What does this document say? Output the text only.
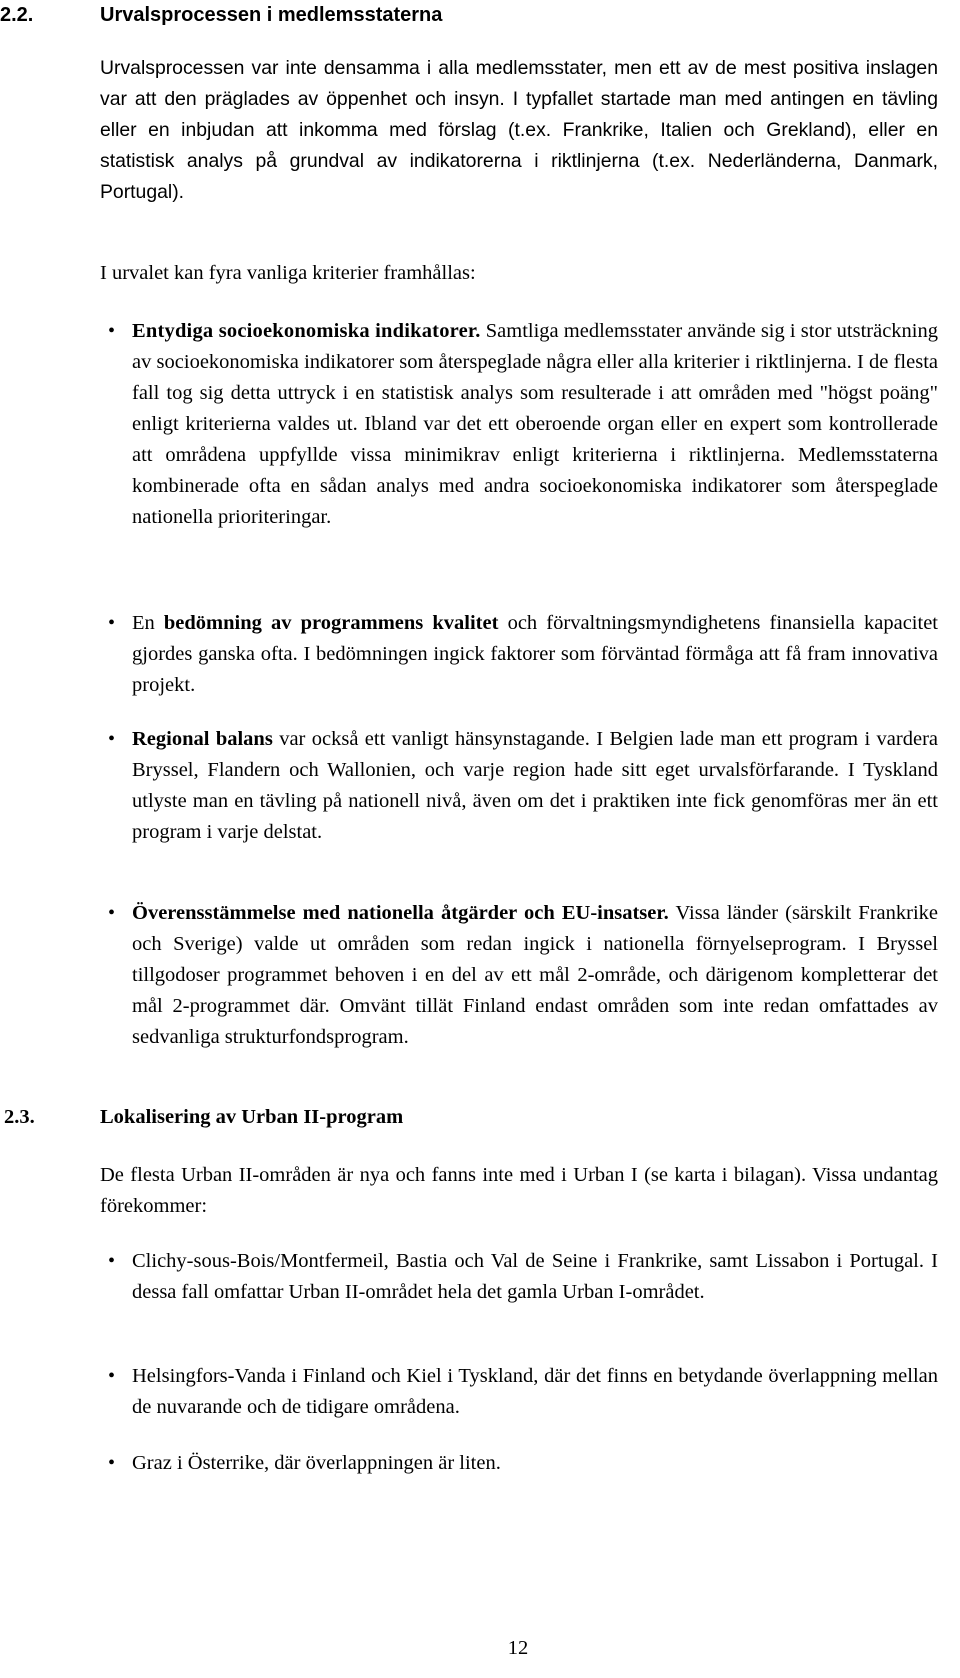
2.2.	Urvalsprocessen i medlemsstaterna

Urvalsprocessen var inte densamma i alla medlemsstater, men ett av de mest positiva inslagen var att den präglades av öppenhet och insyn. I typfallet startade man med antingen en tävling eller en inbjudan att inkomma med förslag (t.ex. Frankrike, Italien och Grekland), eller en statistisk analys på grundval av indikatorerna i riktlinjerna (t.ex. Nederländerna, Danmark, Portugal).

I urvalet kan fyra vanliga kriterier framhållas:

• Entydiga socioekonomiska indikatorer. Samtliga medlemsstater använde sig i stor utsträckning av socioekonomiska indikatorer som återspeglade några eller alla kriterier i riktlinjerna. I de flesta fall tog sig detta uttryck i en statistisk analys som resulterade i att områden med "högst poäng" enligt kriterierna valdes ut. Ibland var det ett oberoende organ eller en expert som kontrollerade att områdena uppfyllde vissa minimikrav enligt kriterierna i riktlinjerna. Medlemsstaterna kombinerade ofta en sådan analys med andra socioekonomiska indikatorer som återspeglade nationella prioriteringar.
• En bedömning av programmens kvalitet och förvaltningsmyndighetens finansiella kapacitet gjordes ganska ofta. I bedömningen ingick faktorer som förväntad förmåga att få fram innovativa projekt.
• Regional balans var också ett vanligt hänsynstagande. I Belgien lade man ett program i vardera Bryssel, Flandern och Wallonien, och varje region hade sitt eget urvalsförfarande. I Tyskland utlyste man en tävling på nationell nivå, även om det i praktiken inte fick genomföras mer än ett program i varje delstat.
• Överensstämmelse med nationella åtgärder och EU-insatser. Vissa länder (särskilt Frankrike och Sverige) valde ut områden som redan ingick i nationella förnyelseprogram. I Bryssel tillgodoser programmet behoven i en del av ett mål 2-område, och därigenom kompletterar det mål 2-programmet där. Omvänt tillät Finland endast områden som inte redan omfattades av sedvanliga strukturfondsprogram.
2.3.	Lokalisering av Urban II-program

De flesta Urban II-områden är nya och fanns inte med i Urban I (se karta i bilagan). Vissa undantag förekommer:

• Clichy-sous-Bois/Montfermeil, Bastia och Val de Seine i Frankrike, samt Lissabon i Portugal. I dessa fall omfattar Urban II-området hela det gamla Urban I-området.
• Helsingfors-Vanda i Finland och Kiel i Tyskland, där det finns en betydande överlappning mellan de nuvarande och de tidigare områdena.
• Graz i Österrike, där överlappningen är liten.
12
